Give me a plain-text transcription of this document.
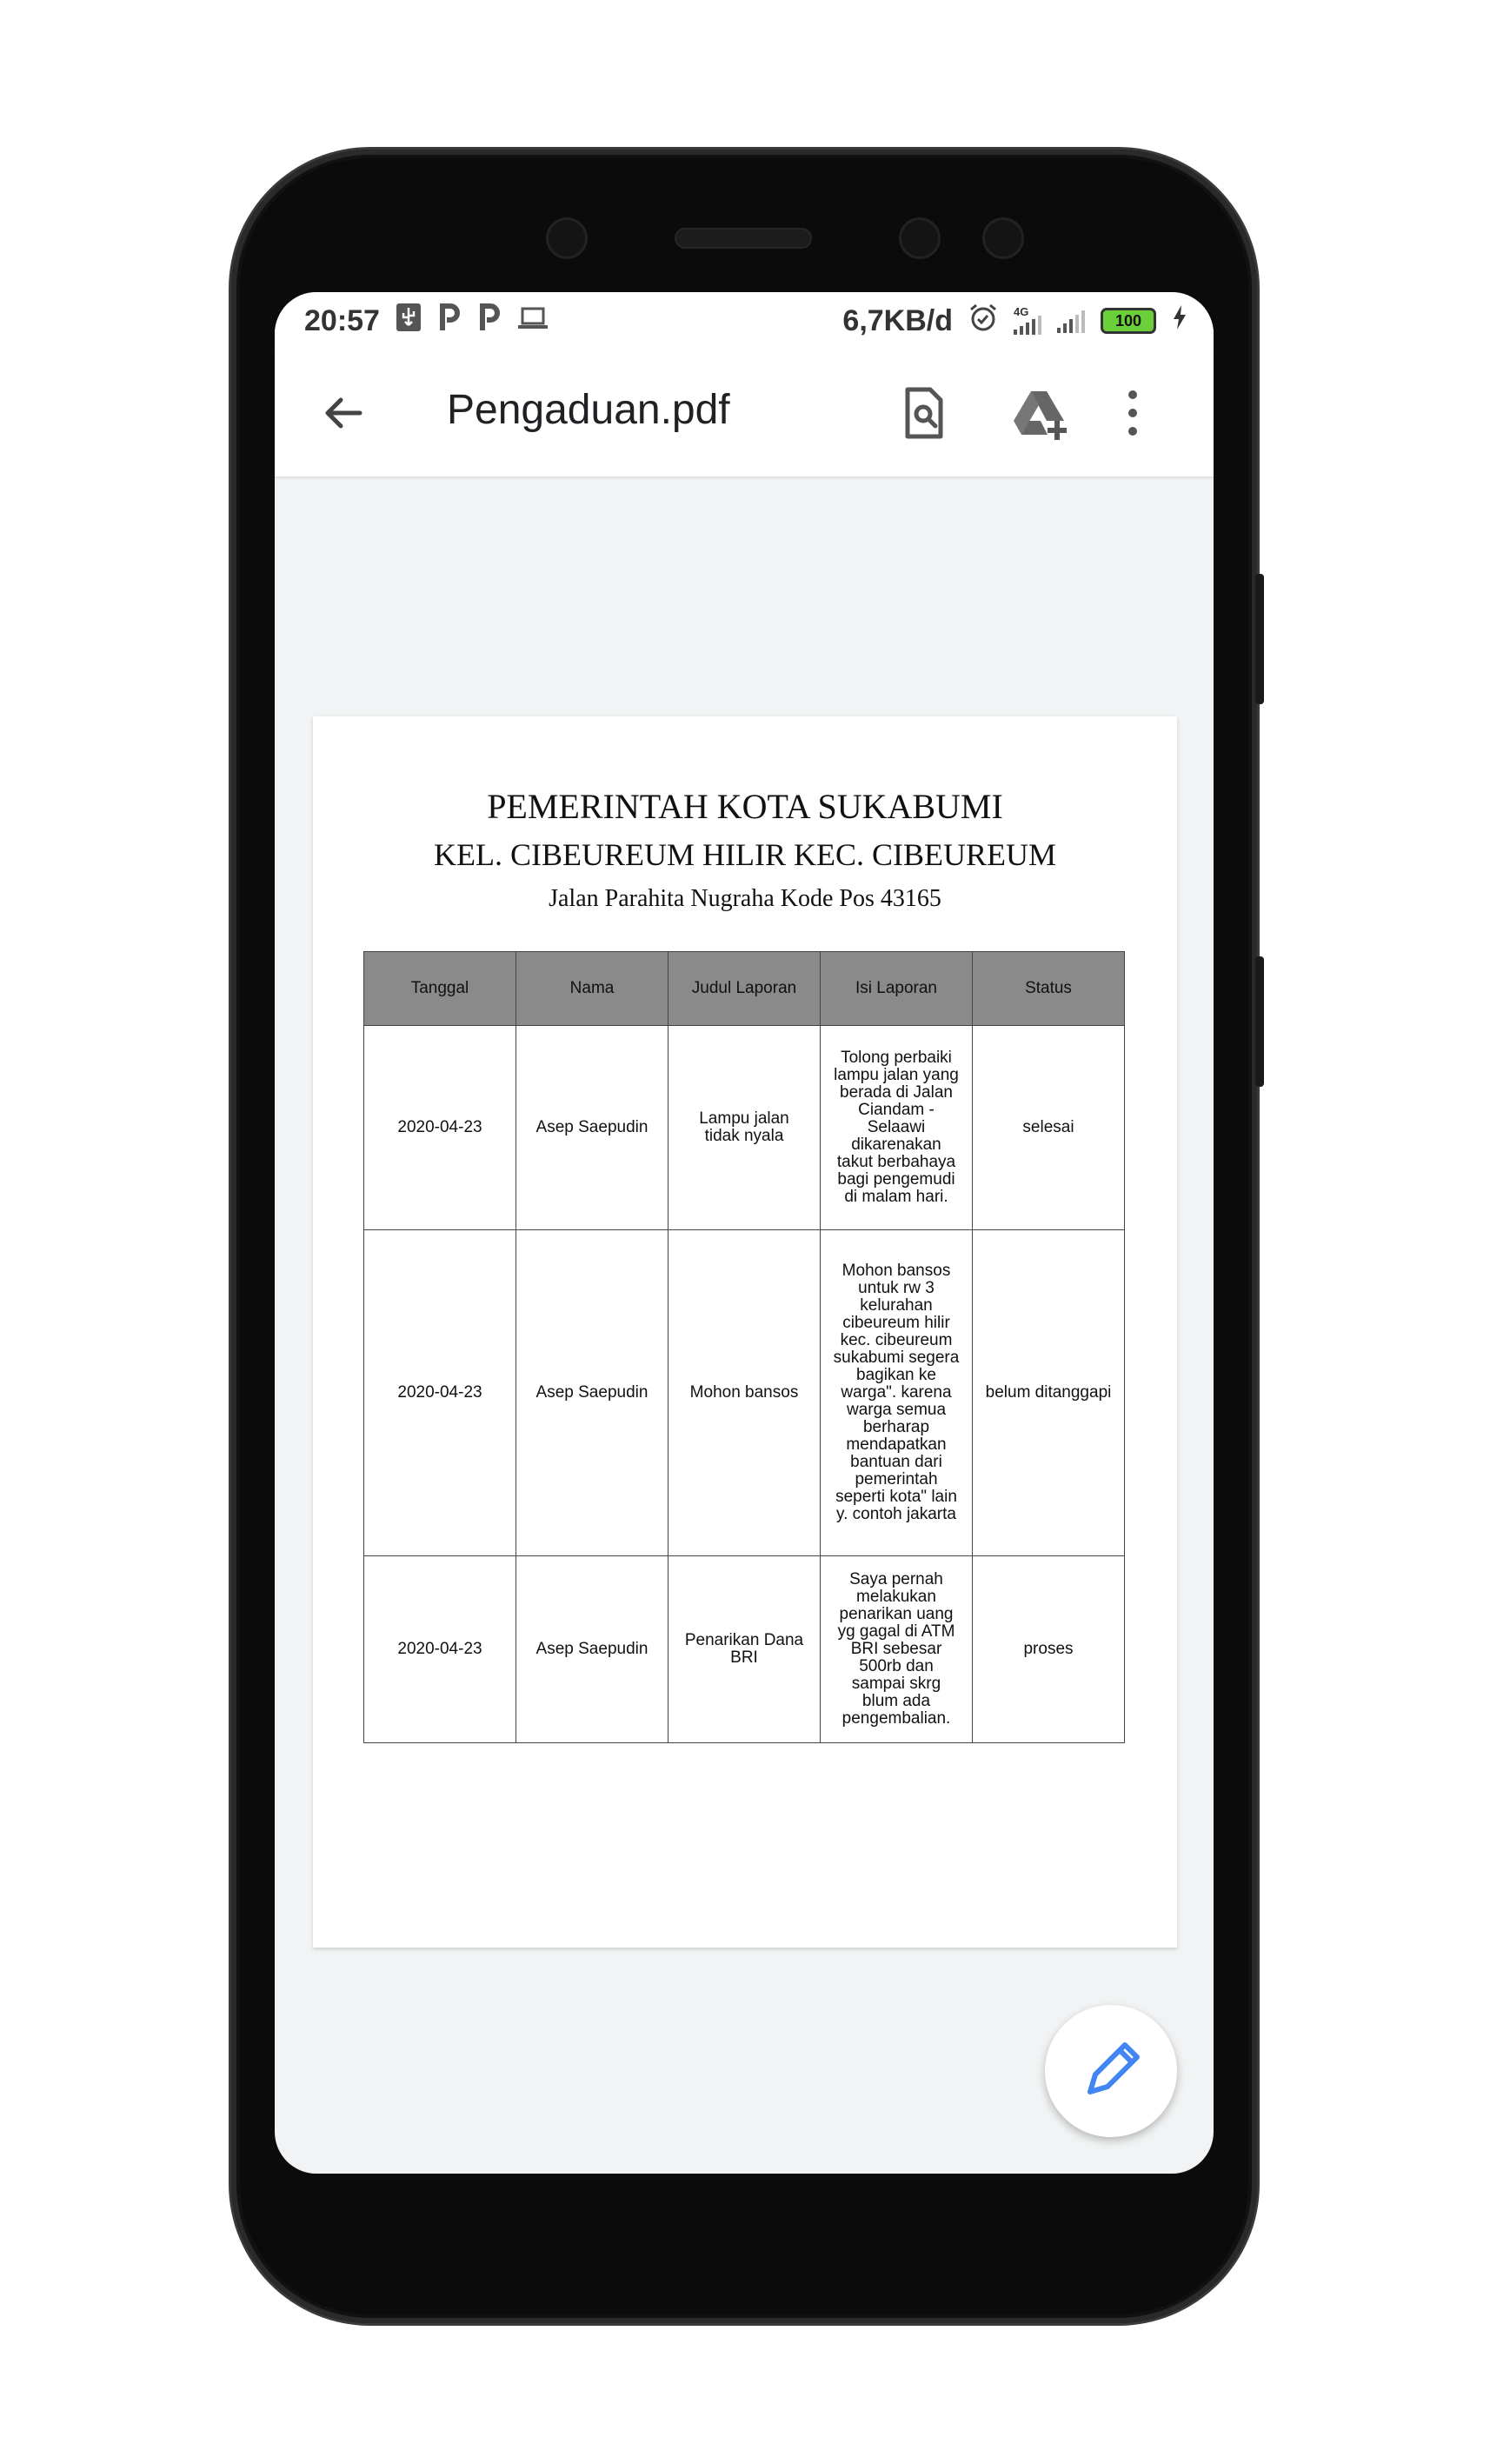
20:57	6,7KB/d	4G
100
Pengaduan.pdf
PEMERINTAH KOTA SUKABUMI
KEL. CIBEUREUM HILIR KEC. CIBEUREUM
Jalan Parahita Nugraha Kode Pos 43165
Tanggal	Nama	Judul Laporan	Isi Laporan	Status
2020-04-23	Asep Saepudin	Lampu jalan tidak nyala	Tolong perbaiki lampu jalan yang berada di Jalan Ciandam - Selaawi dikarenakan takut berbahaya bagi pengemudi di malam hari.	selesai
2020-04-23	Asep Saepudin	Mohon bansos	Mohon bansos untuk rw 3 kelurahan cibeureum hilir kec. cibeureum sukabumi segera bagikan ke warga". karena warga semua berharap mendapatkan bantuan dari pemerintah seperti kota" lain y. contoh jakarta	belum ditanggapi
2020-04-23	Asep Saepudin	Penarikan Dana BRI	Saya pernah melakukan penarikan uang yg gagal di ATM BRI sebesar 500rb dan sampai skrg blum ada pengembalian.	proses
